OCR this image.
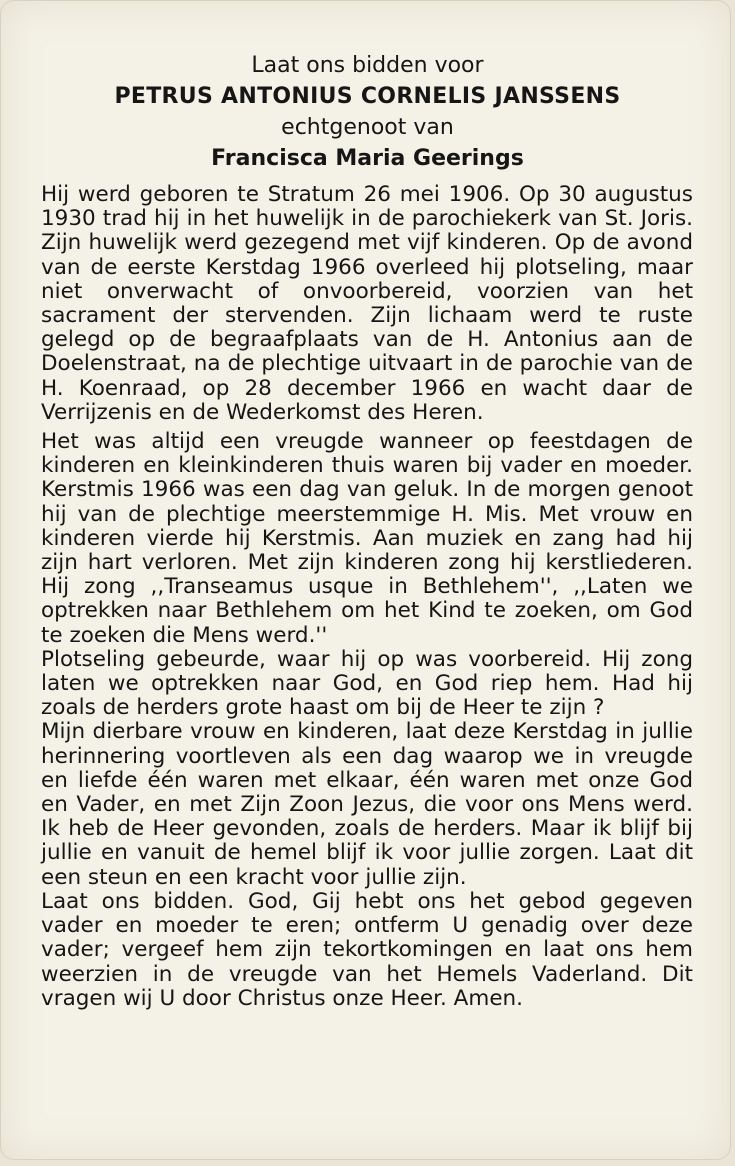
Laat ons bidden voor
PETRUS ANTONIUS CORNELIS JANSSENS
echtgenoot van
Francisca Maria Geerings

Hij werd geboren te Stratum 26 mei 1906. Op 30 augustus 1930 trad hij in het huwelijk in de parochiekerk van St. Joris. Zijn huwelijk werd gezegend met vijf kinderen. Op de avond van de eerste Kerstdag 1966 overleed hij plotseling, maar niet onverwacht of onvoorbereid, voorzien van het sacrament der stervenden. Zijn lichaam werd te ruste gelegd op de begraafplaats van de H. Antonius aan de Doelenstraat, na de plechtige uitvaart in de parochie van de H. Koenraad, op 28 december 1966 en wacht daar de Verrijzenis en de Wederkomst des Heren.

Het was altijd een vreugde wanneer op feestdagen de kinderen en kleinkinderen thuis waren bij vader en moeder. Kerstmis 1966 was een dag van geluk. In de morgen genoot hij van de plechtige meerstemmige H. Mis. Met vrouw en kinderen vierde hij Kerstmis. Aan muziek en zang had hij zijn hart verloren. Met zijn kinderen zong hij kerstliederen. Hij zong ,,Transeamus usque in Bethlehem'', ,,Laten we optrekken naar Bethlehem om het Kind te zoeken, om God te zoeken die Mens werd.''

Plotseling gebeurde, waar hij op was voorbereid. Hij zong laten we optrekken naar God, en God riep hem. Had hij zoals de herders grote haast om bij de Heer te zijn ?

Mijn dierbare vrouw en kinderen, laat deze Kerstdag in jullie herinnering voortleven als een dag waarop we in vreugde en liefde één waren met elkaar, één waren met onze God en Vader, en met Zijn Zoon Jezus, die voor ons Mens werd. Ik heb de Heer gevonden, zoals de herders. Maar ik blijf bij jullie en vanuit de hemel blijf ik voor jullie zorgen. Laat dit een steun en een kracht voor jullie zijn.

Laat ons bidden. God, Gij hebt ons het gebod gegeven vader en moeder te eren; ontferm U genadig over deze vader; vergeef hem zijn tekortkomingen en laat ons hem weerzien in de vreugde van het Hemels Vaderland. Dit vragen wij U door Christus onze Heer. Amen.
